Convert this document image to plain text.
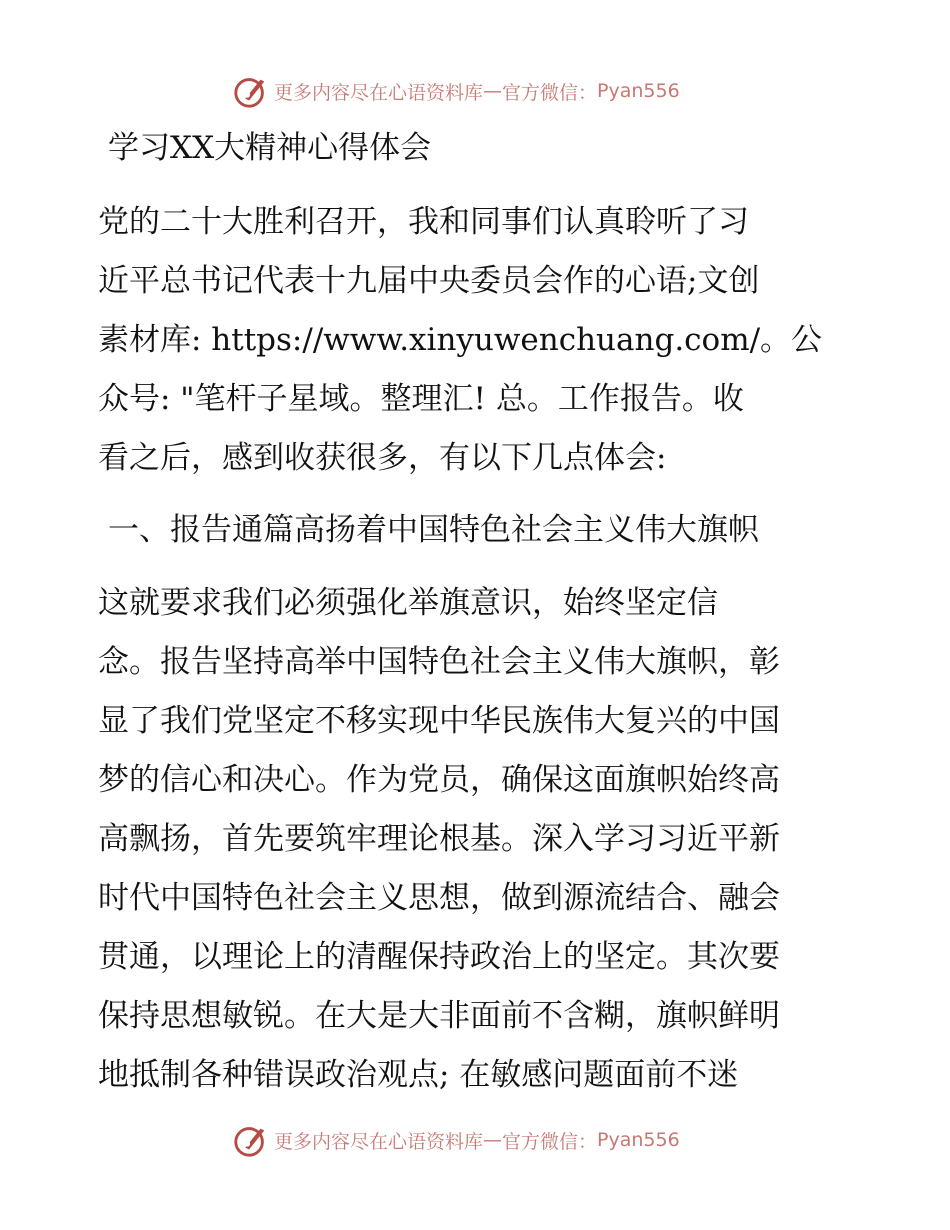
更多内容尽在心语资料库 — 官方微信： Pyan556
学习XX大精神心得体会
党的二十大胜利召开，我和同事们认真聆听了习
近平总书记代表十九届中央委员会作的心语;文创
素材库: https://www.xinyuwenchuang.com/。公
众号: "笔杆子星域。整理汇! 总。工作报告。收
看之后，感到收获很多，有以下几点体会:
一、报告通篇高扬着中国特色社会主义伟大旗帜
这就要求我们必须强化举旗意识，始终坚定信
念。报告坚持高举中国特色社会主义伟大旗帜，彰
显了我们党坚定不移实现中华民族伟大复兴的中国
梦的信心和决心。作为党员，确保这面旗帜始终高
高飘扬，首先要筑牢理论根基。深入学习习近平新
时代中国特色社会主义思想，做到源流结合、融会
贯通，以理论上的清醒保持政治上的坚定。其次要
保持思想敏锐。在大是大非面前不含糊，旗帜鲜明
地抵制各种错误政治观点; 在敏感问题面前不迷
更多内容尽在心语资料库 — 官方微信： Pyan556
